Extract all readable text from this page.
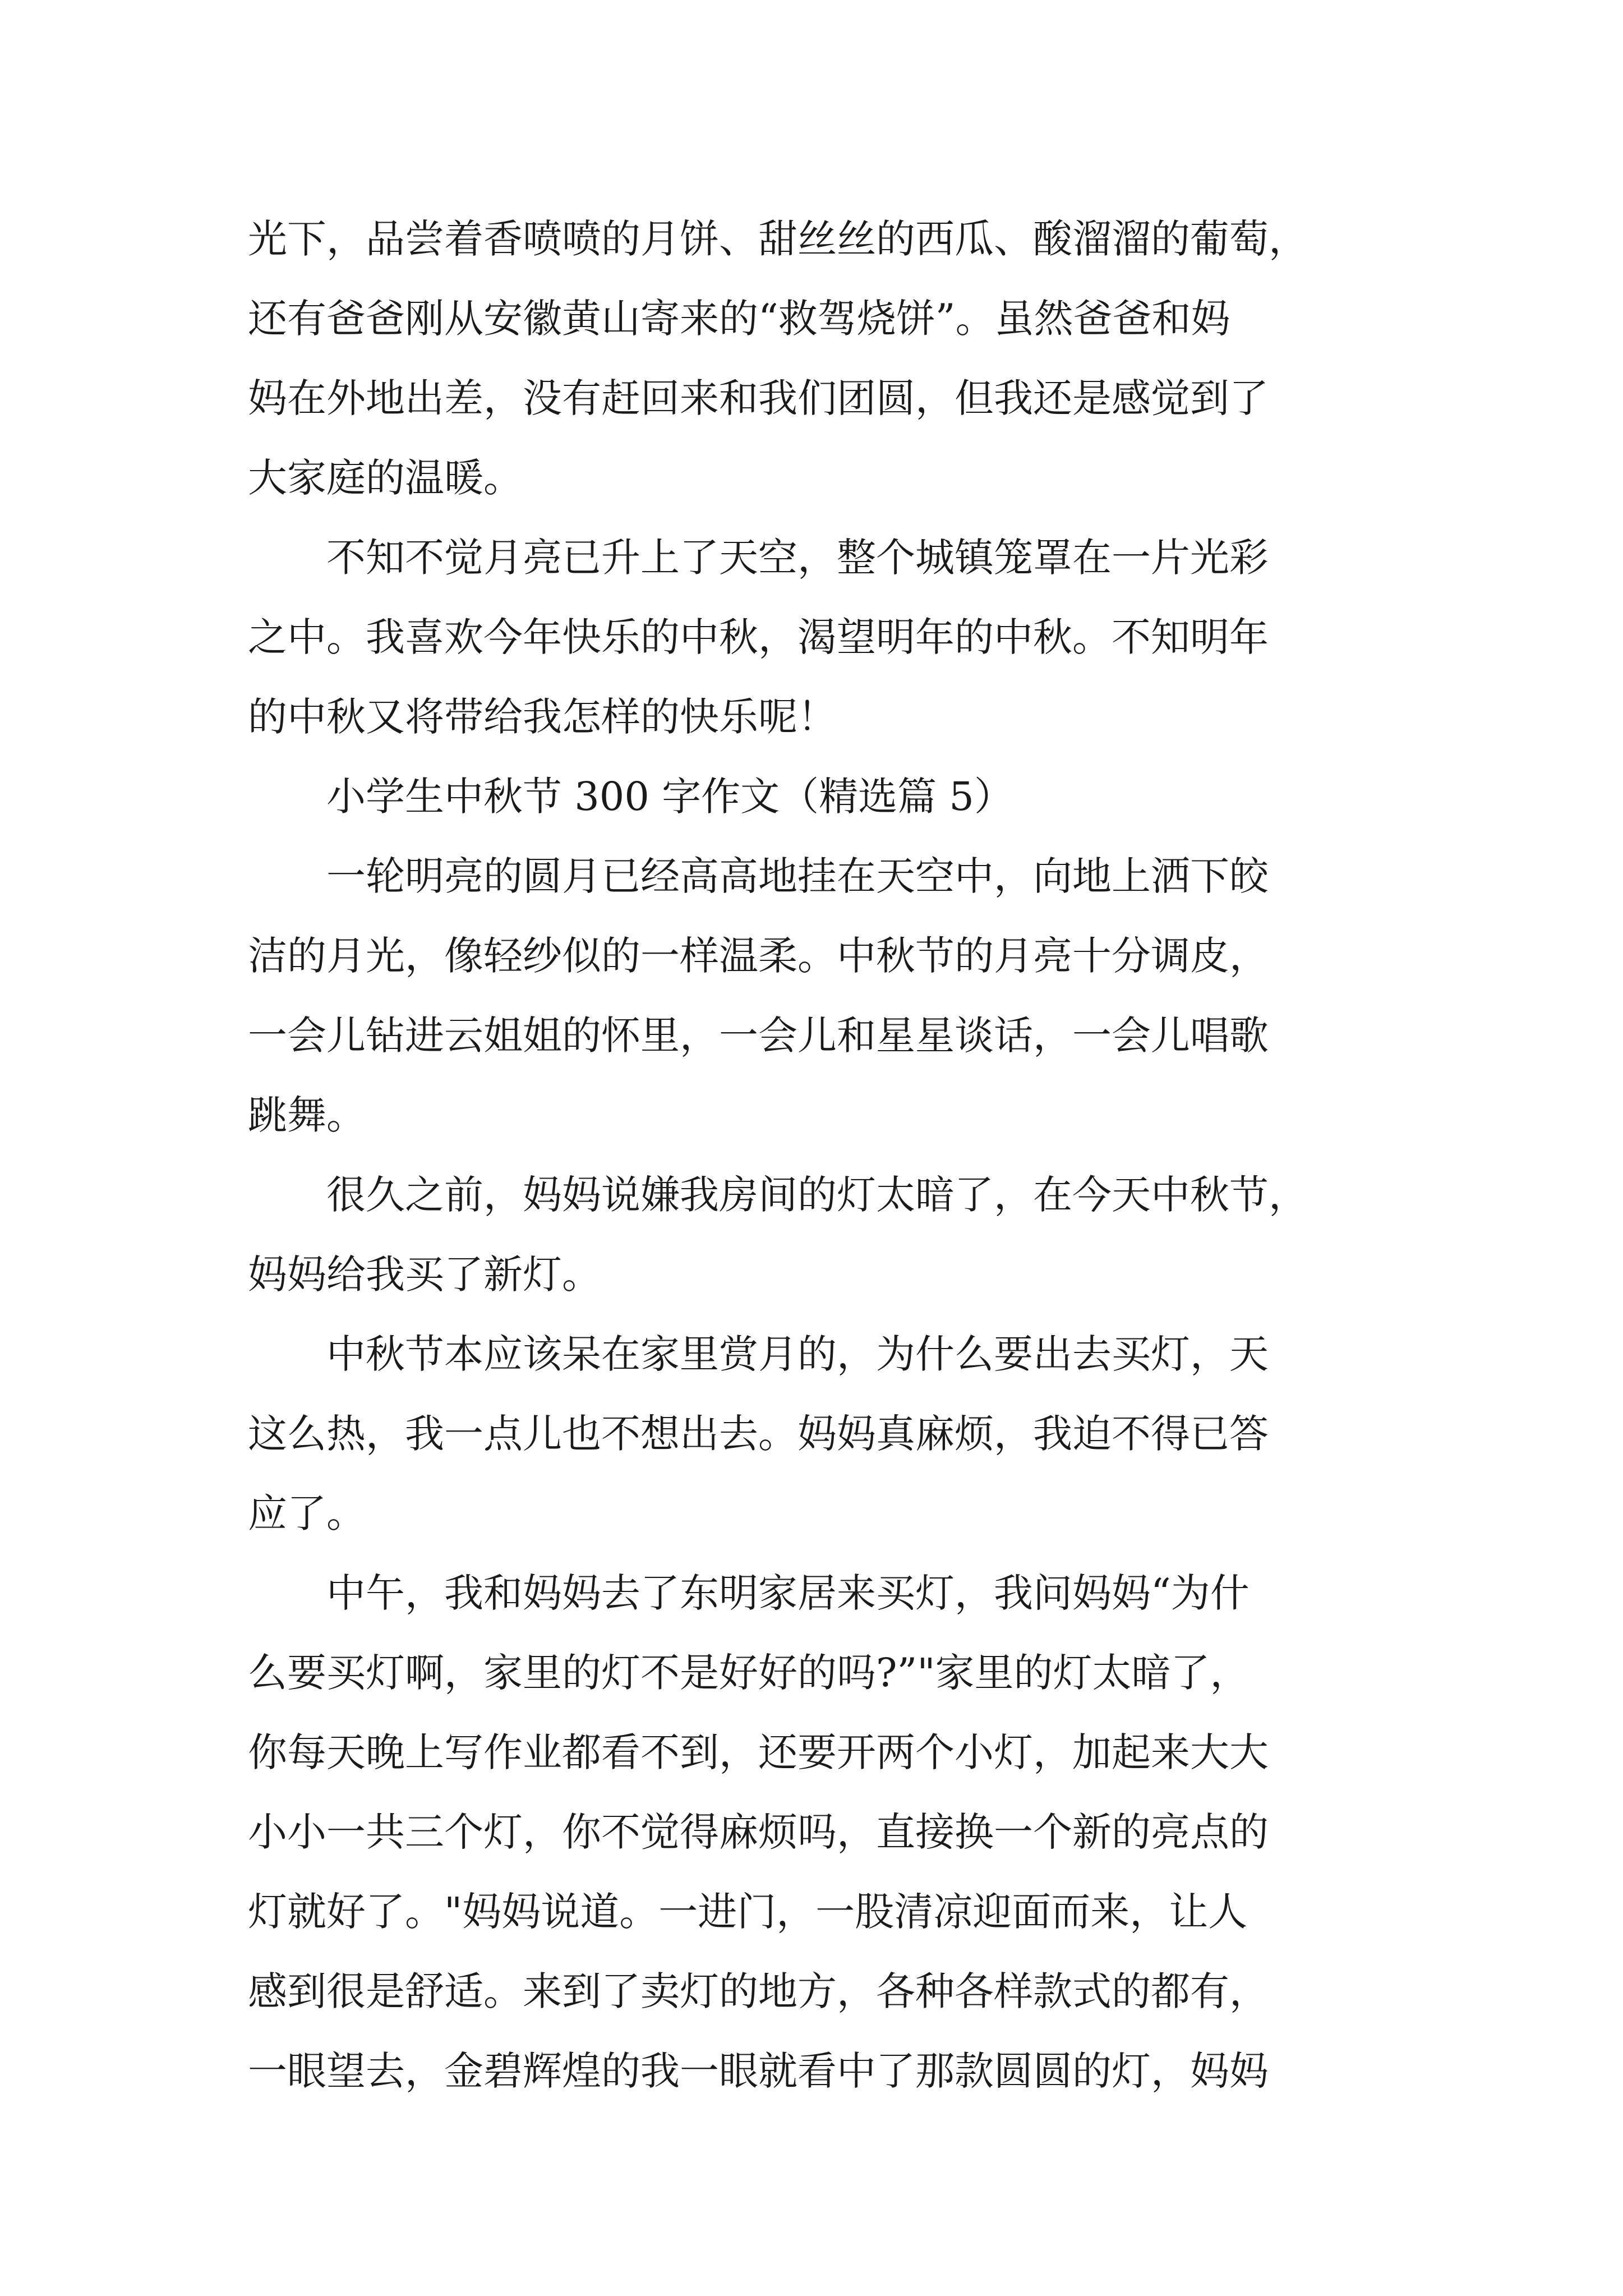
光下，品尝着香喷喷的月饼、甜丝丝的西瓜、酸溜溜的葡萄，

还有爸爸刚从安徽黄山寄来的“救驾烧饼”。虽然爸爸和妈

妈在外地出差，没有赶回来和我们团圆，但我还是感觉到了

大家庭的温暖。

　　不知不觉月亮已升上了天空，整个城镇笼罩在一片光彩

之中。我喜欢今年快乐的中秋，渴望明年的中秋。不知明年

的中秋又将带给我怎样的快乐呢！

　　小学生中秋节 300 字作文（精选篇 5）

　　一轮明亮的圆月已经高高地挂在天空中，向地上洒下皎

洁的月光，像轻纱似的一样温柔。中秋节的月亮十分调皮，

一会儿钻进云姐姐的怀里，一会儿和星星谈话，一会儿唱歌

跳舞。

　　很久之前，妈妈说嫌我房间的灯太暗了，在今天中秋节，

妈妈给我买了新灯。

　　中秋节本应该呆在家里赏月的，为什么要出去买灯，天

这么热，我一点儿也不想出去。妈妈真麻烦，我迫不得已答

应了。

　　中午，我和妈妈去了东明家居来买灯，我问妈妈“为什

么要买灯啊，家里的灯不是好好的吗?”"家里的灯太暗了，

你每天晚上写作业都看不到，还要开两个小灯，加起来大大

小小一共三个灯，你不觉得麻烦吗，直接换一个新的亮点的

灯就好了。"妈妈说道。一进门，一股清凉迎面而来，让人

感到很是舒适。来到了卖灯的地方，各种各样款式的都有，

一眼望去，金碧辉煌的我一眼就看中了那款圆圆的灯，妈妈
